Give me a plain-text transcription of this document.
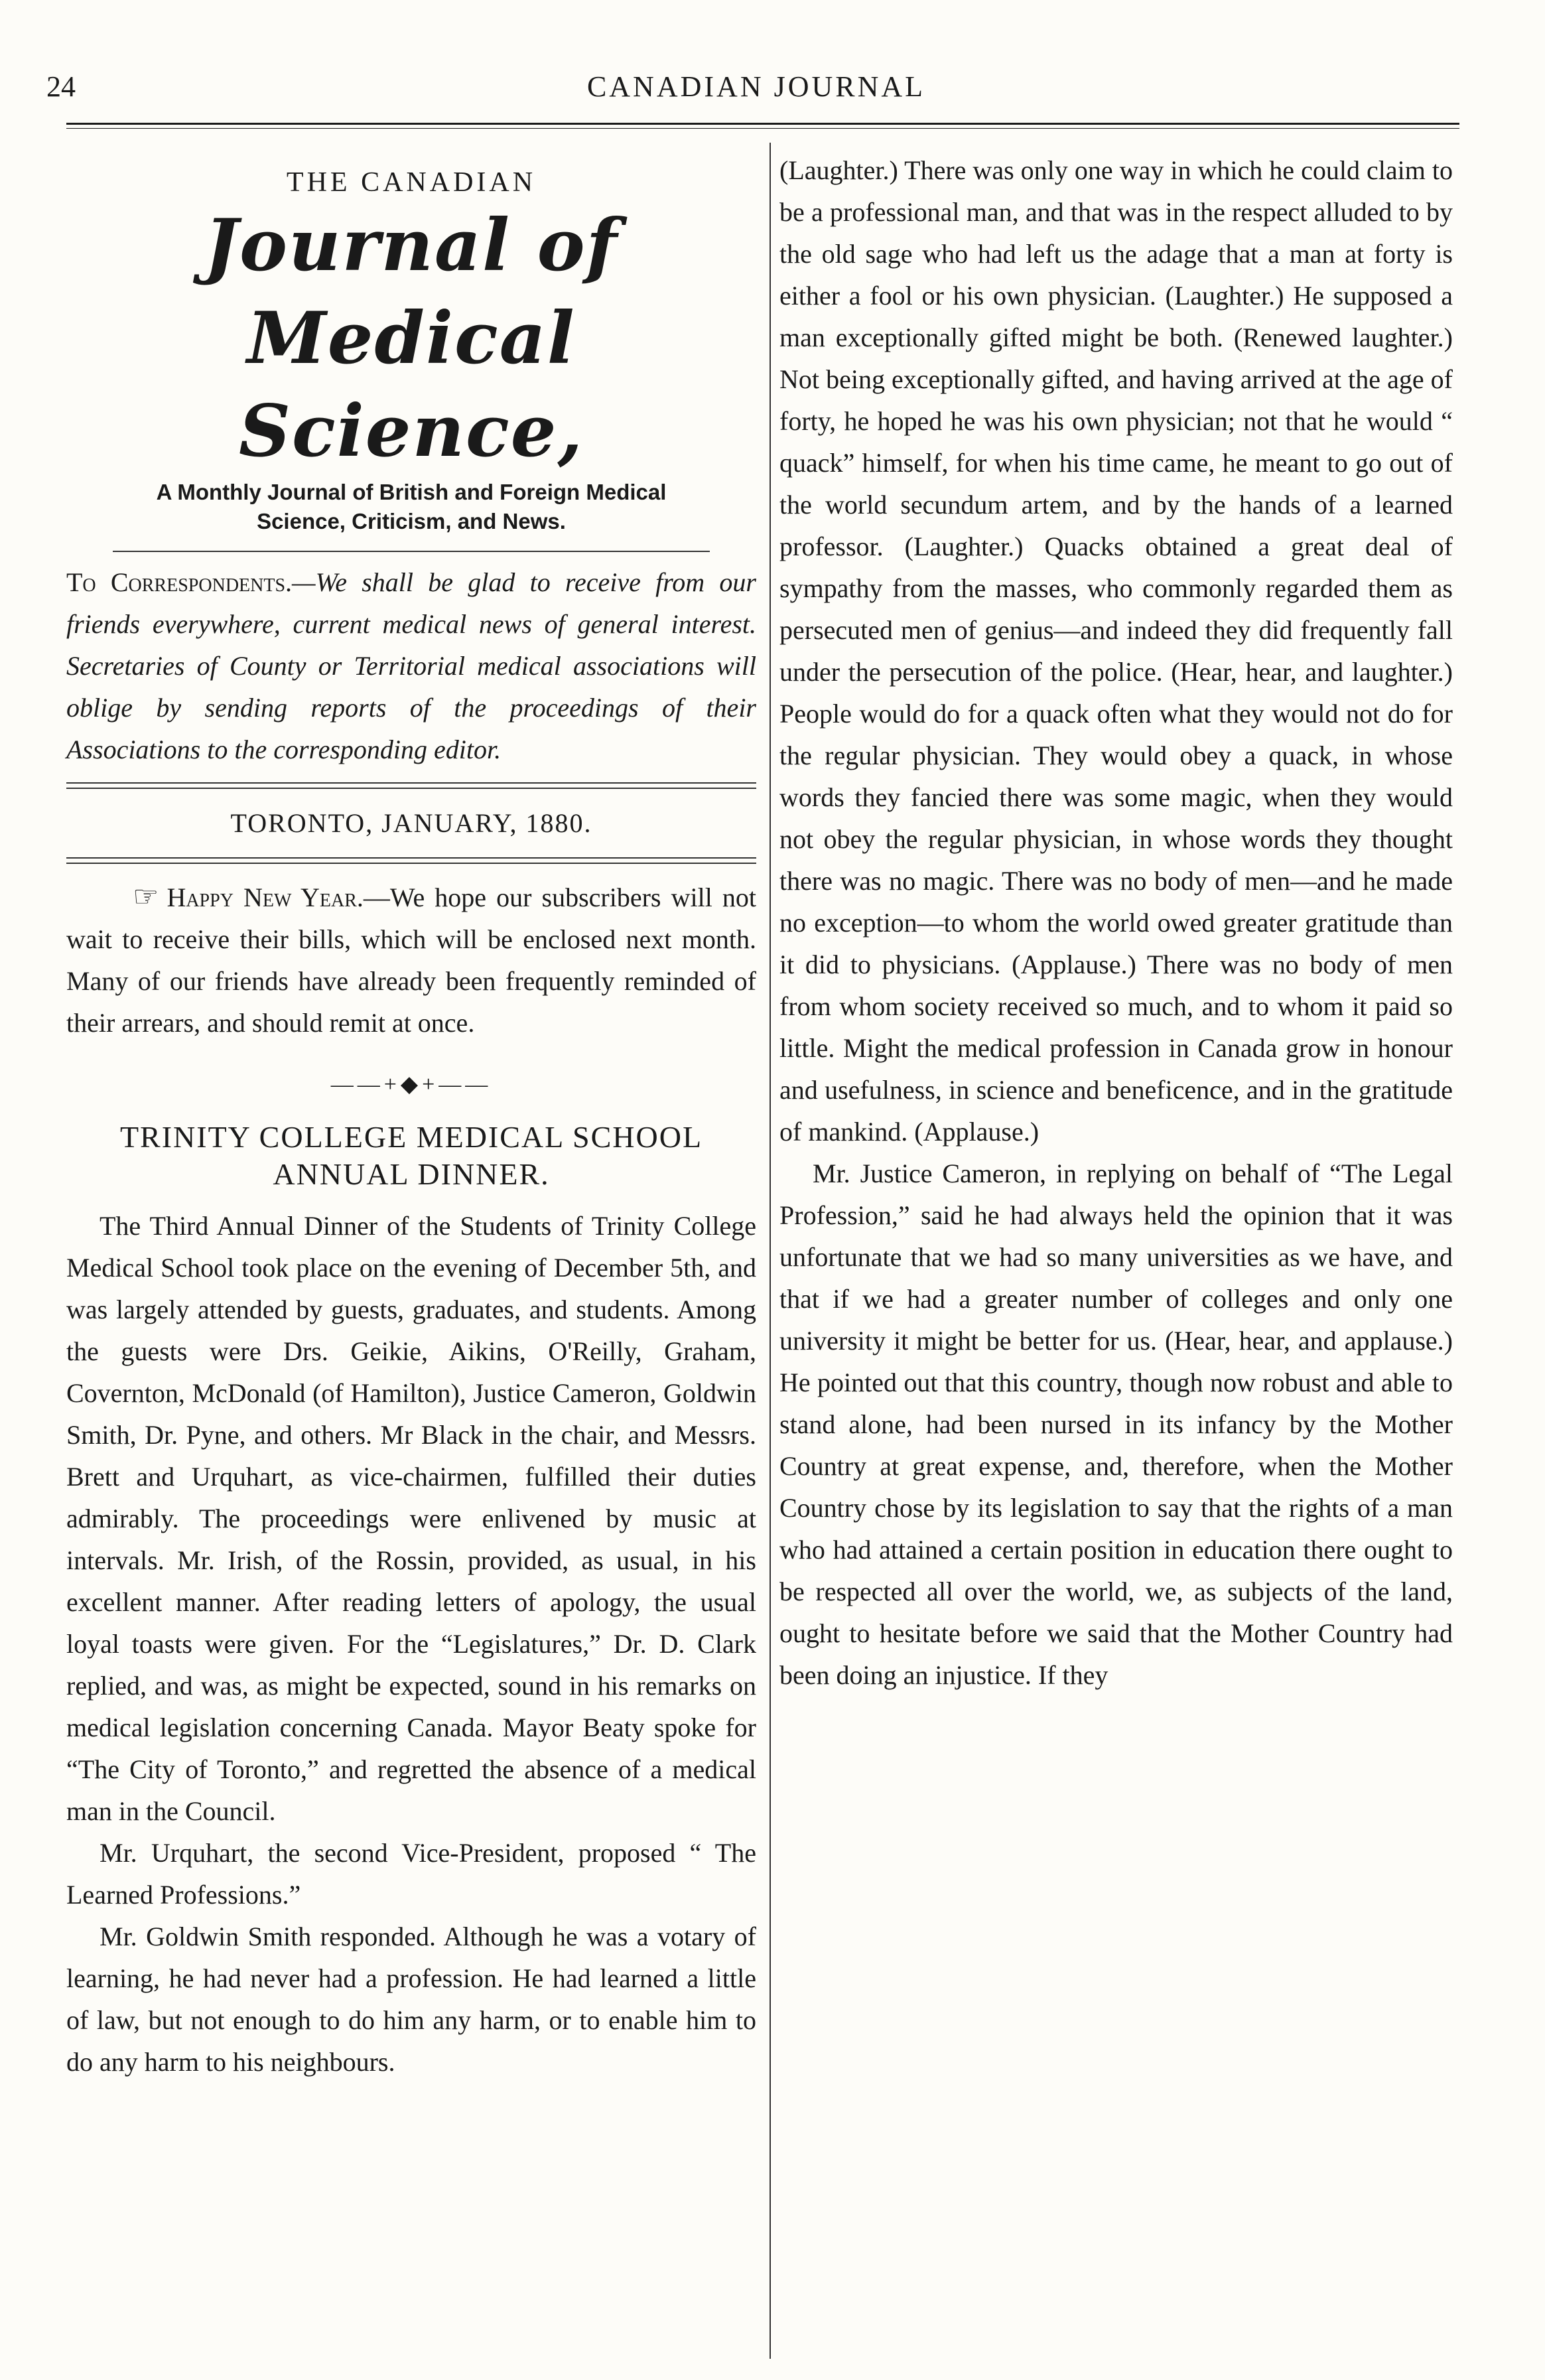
24	CANADIAN JOURNAL
THE CANADIAN
Journal of Medical Science,
A Monthly Journal of British and Foreign Medical Science, Criticism, and News.

To Correspondents.—We shall be glad to receive from our friends everywhere, current medical news of general interest. Secretaries of County or Territorial medical associations will oblige by sending reports of the proceedings of their Associations to the corresponding editor.

TORONTO, JANUARY, 1880.

☞ Happy New Year.—We hope our subscribers will not wait to receive their bills, which will be enclosed next month. Many of our friends have already been frequently reminded of their arrears, and should remit at once.

——+◆+——
TRINITY COLLEGE MEDICAL SCHOOL ANNUAL DINNER.

The Third Annual Dinner of the Students of Trinity College Medical School took place on the evening of December 5th, and was largely attended by guests, graduates, and students. Among the guests were Drs. Geikie, Aikins, O'Reilly, Graham, Covernton, McDonald (of Hamilton), Justice Cameron, Goldwin Smith, Dr. Pyne, and others. Mr Black in the chair, and Messrs. Brett and Urquhart, as vice-chairmen, fulfilled their duties admirably. The proceedings were enlivened by music at intervals. Mr. Irish, of the Rossin, provided, as usual, in his excellent manner. After reading letters of apology, the usual loyal toasts were given. For the “Legislatures,” Dr. D. Clark replied, and was, as might be expected, sound in his remarks on medical legislation concerning Canada. Mayor Beaty spoke for “The City of Toronto,” and regretted the absence of a medical man in the Council.

Mr. Urquhart, the second Vice-President, proposed “ The Learned Professions.”

Mr. Goldwin Smith responded. Although he was a votary of learning, he had never had a profession. He had learned a little of law, but not enough to do him any harm, or to enable him to do any harm to his neighbours.

(Laughter.) There was only one way in which he could claim to be a professional man, and that was in the respect alluded to by the old sage who had left us the adage that a man at forty is either a fool or his own physician. (Laughter.) He supposed a man exceptionally gifted might be both. (Renewed laughter.) Not being exceptionally gifted, and having arrived at the age of forty, he hoped he was his own physician; not that he would “ quack” himself, for when his time came, he meant to go out of the world secundum artem, and by the hands of a learned professor. (Laughter.) Quacks obtained a great deal of sympathy from the masses, who commonly regarded them as persecuted men of genius—and indeed they did frequently fall under the persecution of the police. (Hear, hear, and laughter.) People would do for a quack often what they would not do for the regular physician. They would obey a quack, in whose words they fancied there was some magic, when they would not obey the regular physician, in whose words they thought there was no magic. There was no body of men—and he made no exception—to whom the world owed greater gratitude than it did to physicians. (Applause.) There was no body of men from whom society received so much, and to whom it paid so little. Might the medical profession in Canada grow in honour and usefulness, in science and beneficence, and in the gratitude of mankind. (Applause.)

Mr. Justice Cameron, in replying on behalf of “The Legal Profession,” said he had always held the opinion that it was unfortunate that we had so many universities as we have, and that if we had a greater number of colleges and only one university it might be better for us. (Hear, hear, and applause.) He pointed out that this country, though now robust and able to stand alone, had been nursed in its infancy by the Mother Country at great expense, and, therefore, when the Mother Country chose by its legislation to say that the rights of a man who had attained a certain position in education there ought to be respected all over the world, we, as subjects of the land, ought to hesitate before we said that the Mother Country had been doing an injustice. If they
